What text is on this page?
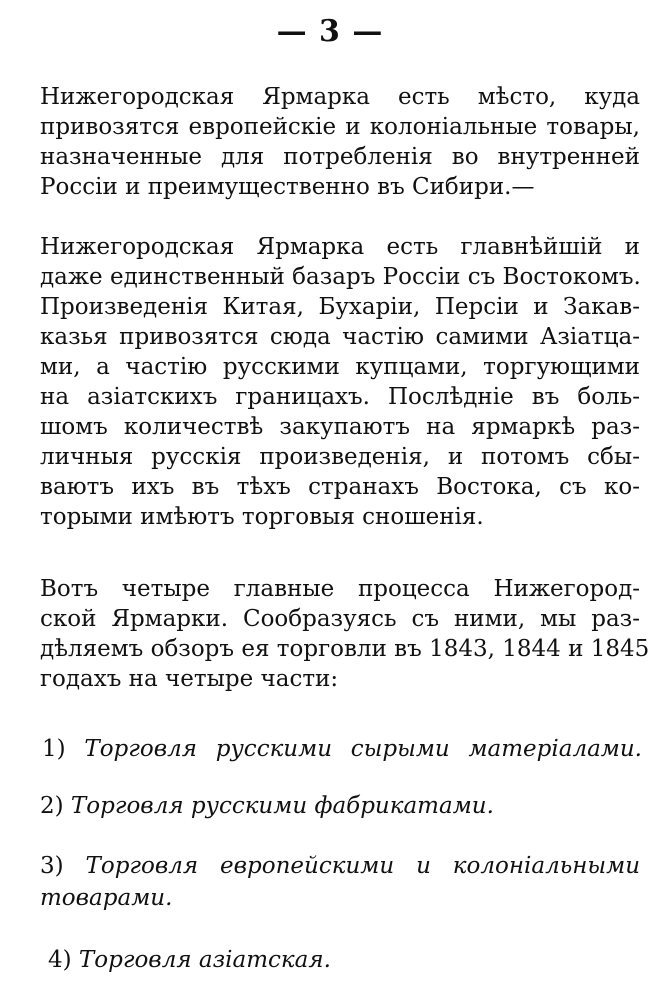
— 3 —

Нижегородская Ярмарка есть мѣсто, куда
привозятся европейскіе и колоніальные товары,
назначенные для потребленія во внутренней
Россіи и преимущественно въ Сибири.—

Нижегородская Ярмарка есть главнѣйшій и
даже единственный базаръ Россіи съ Востокомъ.
Произведенія Китая, Бухаріи, Персіи и Закав-
казья привозятся сюда частію самими Азіатца-
ми, а частію русскими купцами, торгующими
на азіатскихъ границахъ. Послѣдніе въ боль-
шомъ количествѣ закупаютъ на ярмаркѣ раз-
личныя русскія произведенія, и потомъ сбы-
ваютъ ихъ въ тѣхъ странахъ Востока, съ ко-
торыми имѣютъ торговыя сношенія.

Вотъ четыре главные процесса Нижегород-
ской Ярмарки. Сообразуясь съ ними, мы раз-
дѣляемъ обзоръ ея торговли въ 1843, 1844 и 1845
годахъ на четыре части:

1) Торговля русскими сырыми матеріалами.
2) Торговля русскими фабрикатами.
3) Торговля европейскими и колоніальными
товарами.
4) Торговля азіатская.
